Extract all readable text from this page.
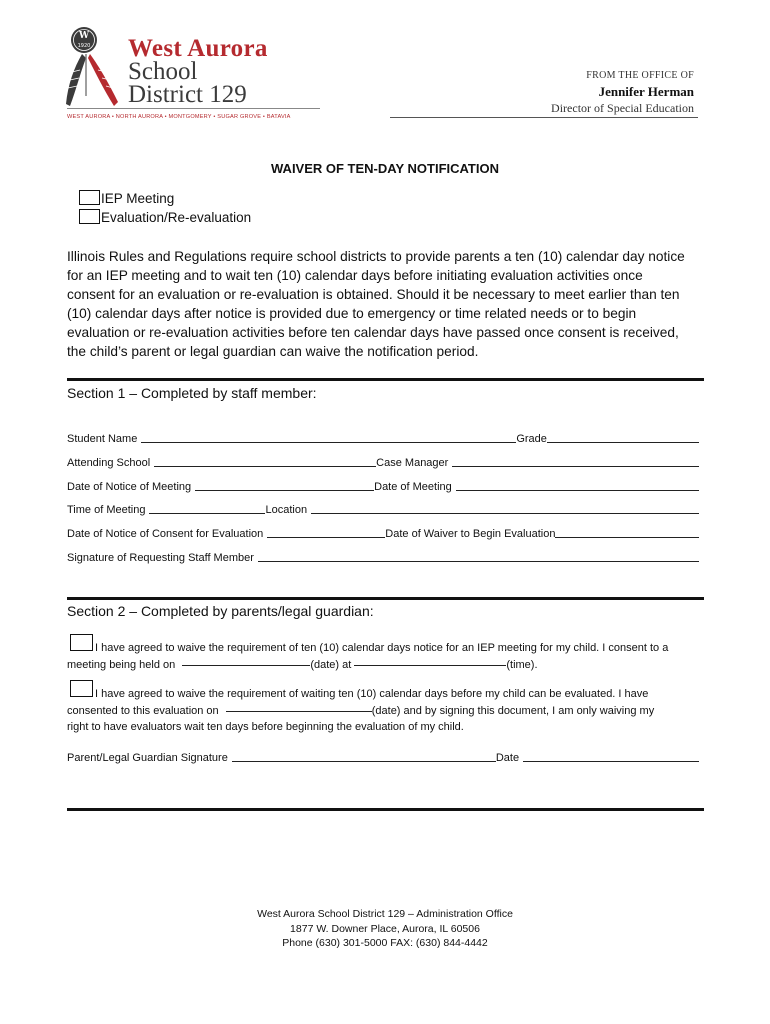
W
1920 West Aurora
School
District 129
WEST AURORA • NORTH AURORA • MONTGOMERY • SUGAR GROVE • BATAVIA
FROM THE OFFICE OF
Jennifer Herman
Director of Special Education
WAIVER OF TEN-DAY NOTIFICATION
IEP Meeting
Evaluation/Re-evaluation

Illinois Rules and Regulations require school districts to provide parents a ten (10) calendar day notice

for an IEP meeting and to wait ten (10) calendar days before initiating evaluation activities once

consent for an evaluation or re-evaluation is obtained. Should it be necessary to meet earlier than ten

(10) calendar days after notice is provided due to emergency or time related needs or to begin

evaluation or re-evaluation activities before ten calendar days have passed once consent is received,

the child’s parent or legal guardian can waive the notification period.

Section 1 – Completed by staff member:
Student Name	Grade
Attending School	Case Manager
Date of Notice of Meeting	Date of Meeting
Time of Meeting	Location
Date of Notice of Consent for Evaluation	Date of Waiver to Begin Evaluation
Signature of Requesting Staff Member
Section 2 – Completed by parents/legal guardian:

I have agreed to waive the requirement of ten (10) calendar days notice for an IEP meeting for my child. I consent to a

meeting being held on	(date) at	(time).

I have agreed to waive the requirement of waiting ten (10) calendar days before my child can be evaluated. I have

consented to this evaluation on	(date) and by signing this document, I am only waiving my

right to have evaluators wait ten days before beginning the evaluation of my child.

Parent/Legal Guardian Signature	Date

West Aurora School District 129 – Administration Office

1877 W. Downer Place, Aurora, IL 60506

Phone (630) 301-5000 FAX: (630) 844-4442
